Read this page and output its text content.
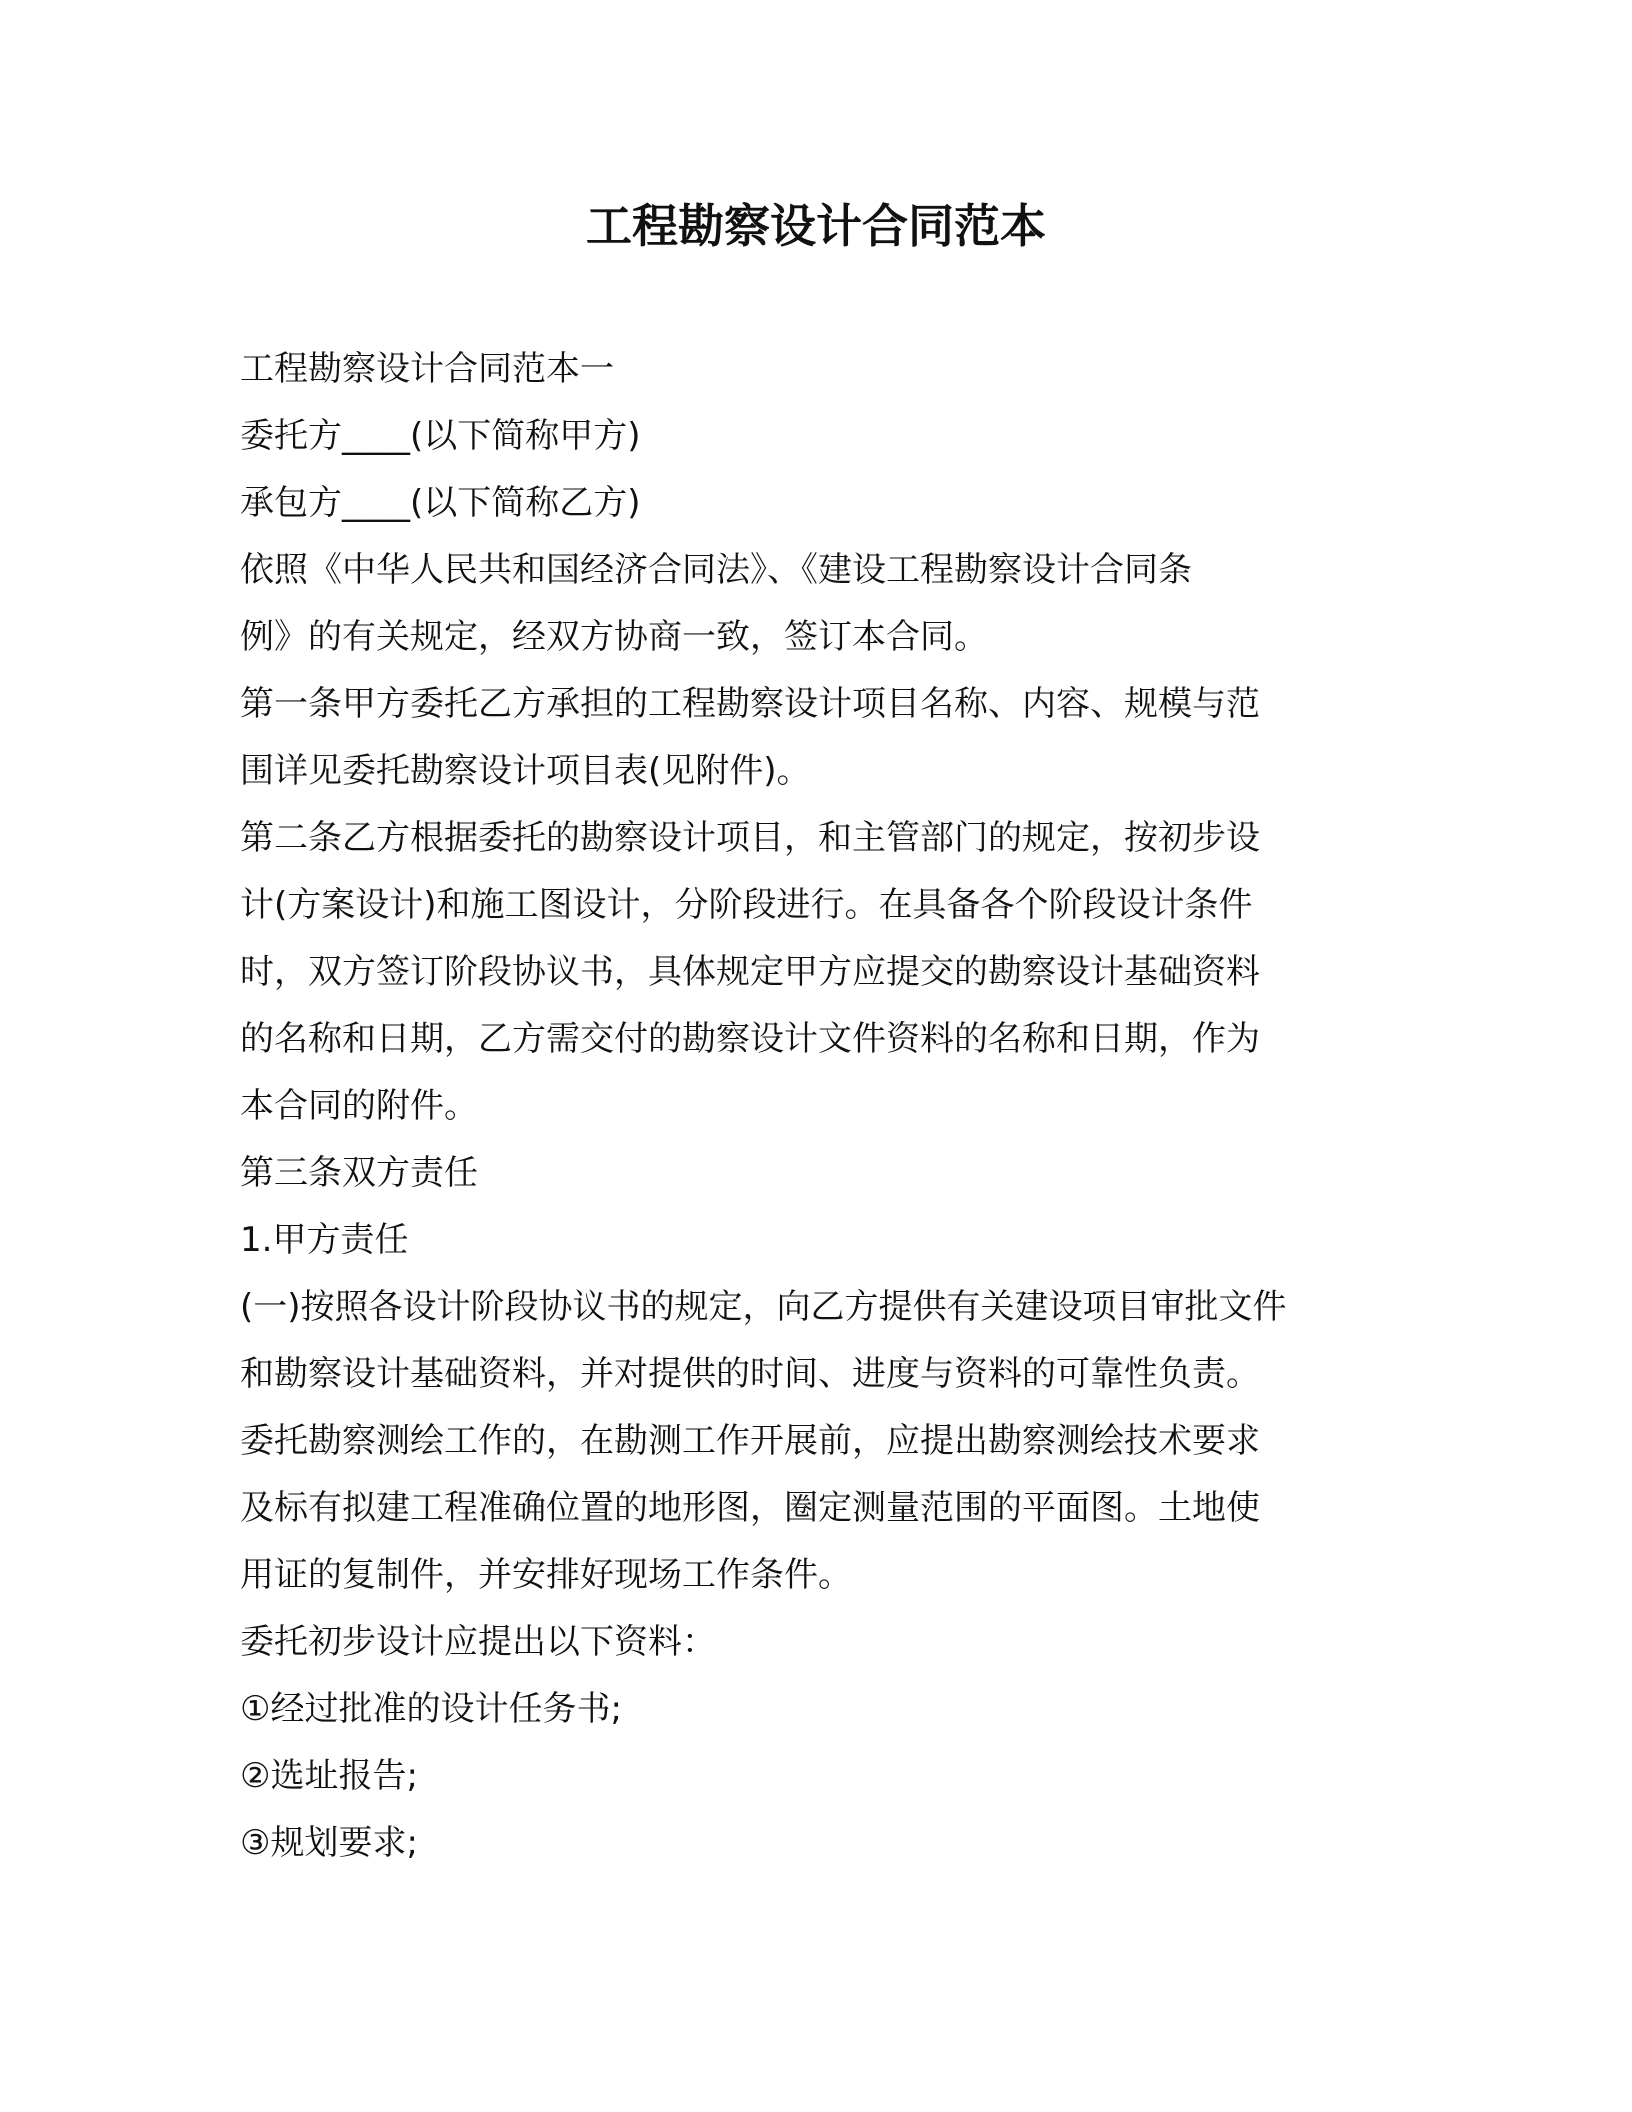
工程勘察设计合同范本
工程勘察设计合同范本一
委托方____(以下简称甲方)
承包方____(以下简称乙方)
依照《中华人民共和国经济合同法》、《建设工程勘察设计合同条
例》的有关规定，经双方协商一致，签订本合同。
第一条甲方委托乙方承担的工程勘察设计项目名称、内容、规模与范
围详见委托勘察设计项目表(见附件)。
第二条乙方根据委托的勘察设计项目，和主管部门的规定，按初步设
计(方案设计)和施工图设计，分阶段进行。在具备各个阶段设计条件
时，双方签订阶段协议书，具体规定甲方应提交的勘察设计基础资料
的名称和日期，乙方需交付的勘察设计文件资料的名称和日期，作为
本合同的附件。
第三条双方责任
1.甲方责任
(一)按照各设计阶段协议书的规定，向乙方提供有关建设项目审批文件
和勘察设计基础资料，并对提供的时间、进度与资料的可靠性负责。
委托勘察测绘工作的，在勘测工作开展前，应提出勘察测绘技术要求
及标有拟建工程准确位置的地形图，圈定测量范围的平面图。土地使
用证的复制件，并安排好现场工作条件。
委托初步设计应提出以下资料：
①经过批准的设计任务书;
②选址报告;
③规划要求;
